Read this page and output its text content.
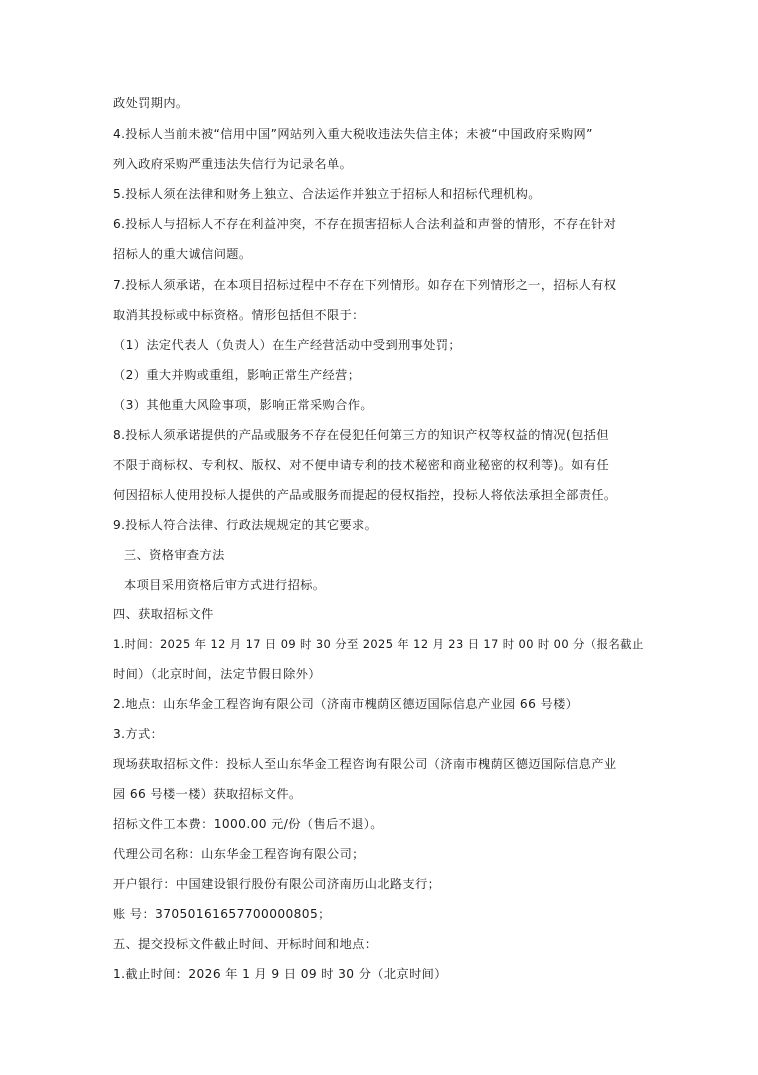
政处罚期内。
4.投标人当前未被“信用中国”网站列入重大税收违法失信主体；未被“中国政府采购网”
列入政府采购严重违法失信行为记录名单。
5.投标人须在法律和财务上独立、合法运作并独立于招标人和招标代理机构。
6.投标人与招标人不存在利益冲突，不存在损害招标人合法利益和声誉的情形，不存在针对
招标人的重大诚信问题。
7.投标人须承诺，在本项目招标过程中不存在下列情形。如存在下列情形之一，招标人有权
取消其投标或中标资格。情形包括但不限于：
（1）法定代表人（负责人）在生产经营活动中受到刑事处罚；
（2）重大并购或重组，影响正常生产经营；
（3）其他重大风险事项，影响正常采购合作。
8.投标人须承诺提供的产品或服务不存在侵犯任何第三方的知识产权等权益的情况(包括但
不限于商标权、专利权、版权、对不便申请专利的技术秘密和商业秘密的权利等)。如有任
何因招标人使用投标人提供的产品或服务而提起的侵权指控，投标人将依法承担全部责任。
9.投标人符合法律、行政法规规定的其它要求。
三、资格审查方法
本项目采用资格后审方式进行招标。
四、获取招标文件
1.时间：2025 年 12 月 17 日 09 时 30 分至 2025 年 12 月 23 日 17 时 00 时 00 分（报名截止
时间）（北京时间，法定节假日除外）
2.地点：山东华金工程咨询有限公司（济南市槐荫区德迈国际信息产业园 66 号楼）
3.方式：
现场获取招标文件：投标人至山东华金工程咨询有限公司（济南市槐荫区德迈国际信息产业
园 66 号楼一楼）获取招标文件。
招标文件工本费：1000.00 元/份（售后不退）。
代理公司名称：山东华金工程咨询有限公司；
开户银行：中国建设银行股份有限公司济南历山北路支行；
账 号：37050161657700000805；
五、提交投标文件截止时间、开标时间和地点：
1.截止时间：2026 年 1 月 9 日 09 时 30 分（北京时间）
